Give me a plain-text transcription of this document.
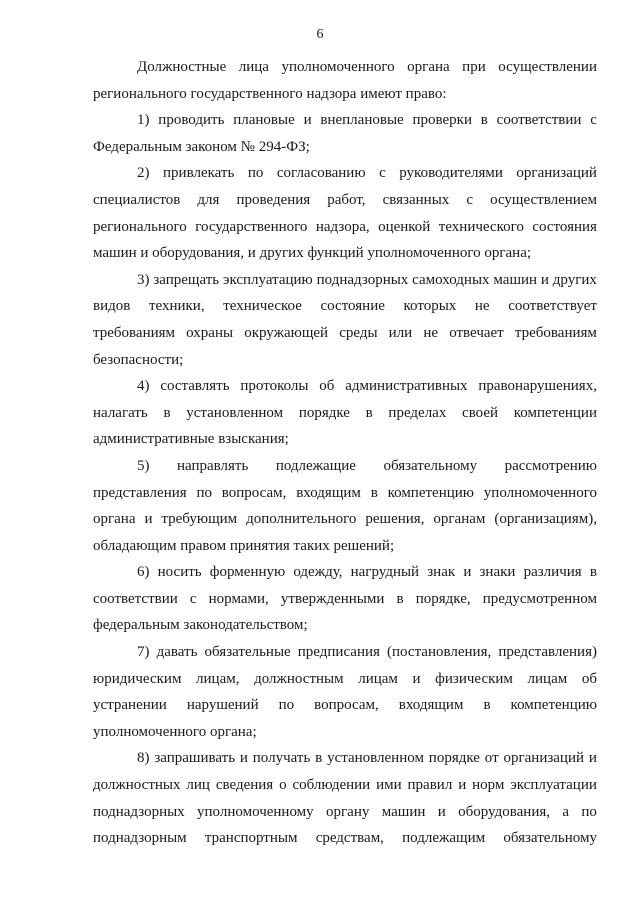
6
Должностные лица уполномоченного органа при осуществлении
регионального государственного надзора имеют право:
1) проводить плановые и внеплановые проверки в соответствии с
Федеральным законом № 294-ФЗ;
2) привлекать по согласованию с руководителями организаций
специалистов для проведения работ, связанных с осуществлением
регионального государственного надзора, оценкой технического состояния
машин и оборудования, и других функций уполномоченного органа;
3) запрещать эксплуатацию поднадзорных самоходных машин и других
видов техники, техническое состояние которых не соответствует
требованиям охраны окружающей среды или не отвечает требованиям
безопасности;
4) составлять протоколы об административных правонарушениях,
налагать в установленном порядке в пределах своей компетенции
административные взыскания;
5) направлять подлежащие обязательному рассмотрению
представления по вопросам, входящим в компетенцию уполномоченного
органа и требующим дополнительного решения, органам (организациям),
обладающим правом принятия таких решений;
6) носить форменную одежду, нагрудный знак и знаки различия в
соответствии с нормами, утвержденными в порядке, предусмотренном
федеральным законодательством;
7) давать обязательные предписания (постановления, представления)
юридическим лицам, должностным лицам и физическим лицам об
устранении нарушений по вопросам, входящим в компетенцию
уполномоченного органа;
8) запрашивать и получать в установленном порядке от организаций и
должностных лиц сведения о соблюдении ими правил и норм эксплуатации
поднадзорных уполномоченному органу машин и оборудования, а по
поднадзорным транспортным средствам, подлежащим обязательному
